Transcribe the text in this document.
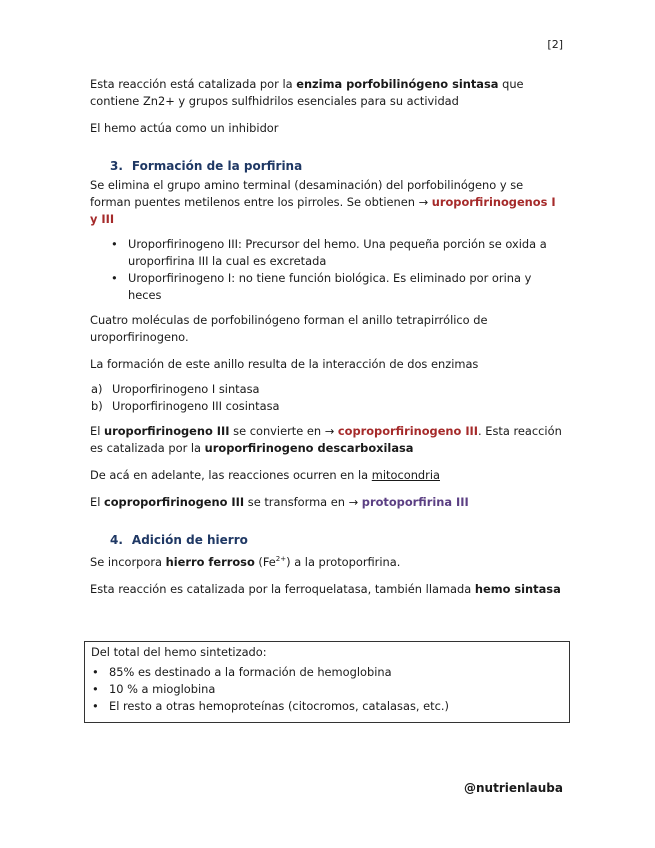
[2]

Esta reacción está catalizada por la enzima porfobilinógeno sintasa que contiene Zn2+ y grupos sulfhidrilos esenciales para su actividad

El hemo actúa como un inhibidor

3. Formación de la porfirina

Se elimina el grupo amino terminal (desaminación) del porfobilinógeno y se forman puentes metilenos entre los pirroles. Se obtienen → uroporfirinogenos I y III

• Uroporfirinogeno III: Precursor del hemo. Una pequeña porción se oxida a uroporfirina III la cual es excretada
• Uroporfirinogeno I: no tiene función biológica. Es eliminado por orina y heces

Cuatro moléculas de porfobilinógeno forman el anillo tetrapirrólico de uroporfirinogeno.

La formación de este anillo resulta de la interacción de dos enzimas

a) Uroporfirinogeno I sintasa
b) Uroporfirinogeno III cosintasa

El uroporfirinogeno III se convierte en → coproporfirinogeno III. Esta reacción es catalizada por la uroporfirinogeno descarboxilasa

De acá en adelante, las reacciones ocurren en la mitocondria

El coproporfirinogeno III se transforma en → protoporfirina III

4. Adición de hierro

Se incorpora hierro ferroso $(Fe^{2+})$ a la protoporfirina.

Esta reacción es catalizada por la ferroquelatasa, también llamada hemo sintasa

Del total del hemo sintetizado:

• 85% es destinado a la formación de hemoglobina
• 10 % a mioglobina
• El resto a otras hemoproteínas (citocromos, catalasas, etc.)
@nutrienlauba
